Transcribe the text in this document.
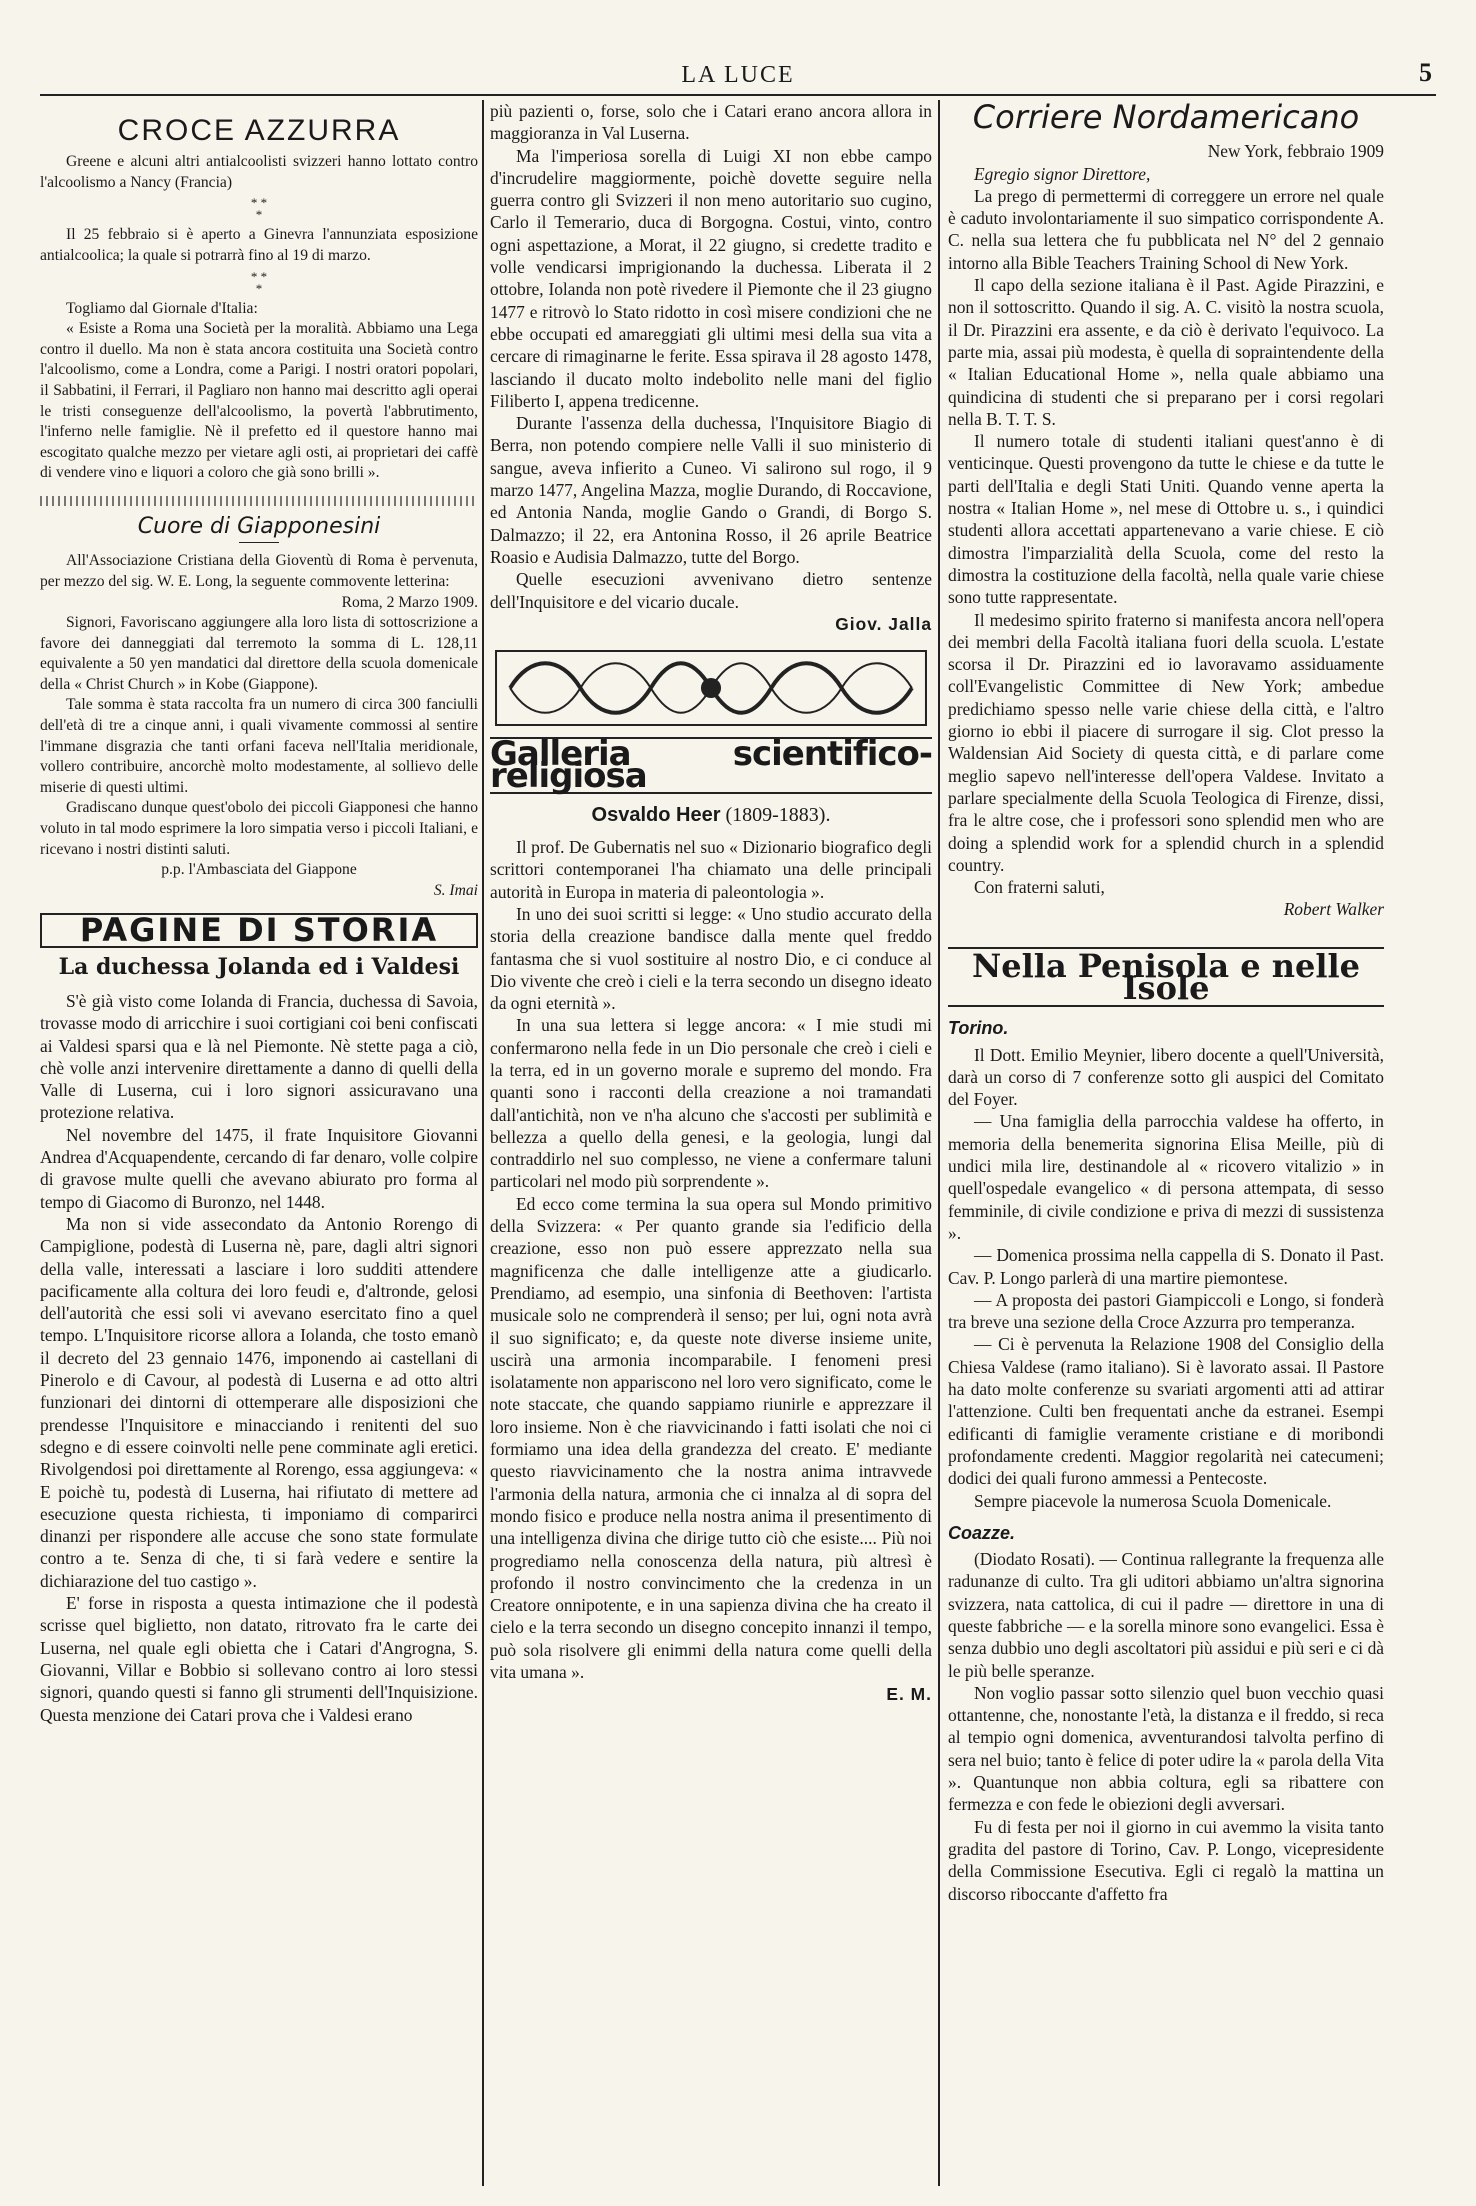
LA LUCE	5
CROCE AZZURRA

Greene e alcuni altri antialcoolisti svizzeri hanno lottato contro l'alcoolismo a Nancy (Francia)

* *
*

Il 25 febbraio si è aperto a Ginevra l'annunziata esposizione antialcoolica; la quale si potrarrà fino al 19 di marzo.

* *
*

Togliamo dal Giornale d'Italia:

« Esiste a Roma una Società per la moralità. Abbiamo una Lega contro il duello. Ma non è stata ancora costituita una Società contro l'alcoolismo, come a Londra, come a Parigi. I nostri oratori popolari, il Sabbatini, il Ferrari, il Pagliaro non hanno mai descritto agli operai le tristi conseguenze dell'alcoolismo, la povertà l'abbrutimento, l'inferno nelle famiglie. Nè il prefetto ed il questore hanno mai escogitato qualche mezzo per vietare agli osti, ai proprietari dei caffè di vendere vino e liquori a coloro che già sono brilli ».

Cuore di Giapponesini

All'Associazione Cristiana della Gioventù di Roma è pervenuta, per mezzo del sig. W. E. Long, la seguente commovente letterina:

Roma, 2 Marzo 1909.

Signori, Favoriscano aggiungere alla loro lista di sottoscrizione a favore dei danneggiati dal terremoto la somma di L. 128,11 equivalente a 50 yen mandatici dal direttore della scuola domenicale della « Christ Church » in Kobe (Giappone).

Tale somma è stata raccolta fra un numero di circa 300 fanciulli dell'età di tre a cinque anni, i quali vivamente commossi al sentire l'immane disgrazia che tanti orfani faceva nell'Italia meridionale, vollero contribuire, ancorchè molto modestamente, al sollievo delle miserie di questi ultimi.

Gradiscano dunque quest'obolo dei piccoli Giapponesi che hanno voluto in tal modo esprimere la loro simpatia verso i piccoli Italiani, e ricevano i nostri distinti saluti.

p.p. l'Ambasciata del Giappone

S. Imai

PAGINE DI STORIA
La duchessa Jolanda ed i Valdesi

S'è già visto come Iolanda di Francia, duchessa di Savoia, trovasse modo di arricchire i suoi cortigiani coi beni confiscati ai Valdesi sparsi qua e là nel Piemonte. Nè stette paga a ciò, chè volle anzi intervenire direttamente a danno di quelli della Valle di Luserna, cui i loro signori assicuravano una protezione relativa.

Nel novembre del 1475, il frate Inquisitore Giovanni Andrea d'Acquapendente, cercando di far denaro, volle colpire di gravose multe quelli che avevano abiurato pro forma al tempo di Giacomo di Buronzo, nel 1448.

Ma non si vide assecondato da Antonio Rorengo di Campiglione, podestà di Luserna nè, pare, dagli altri signori della valle, interessati a lasciare i loro sudditi attendere pacificamente alla coltura dei loro feudi e, d'altronde, gelosi dell'autorità che essi soli vi avevano esercitato fino a quel tempo. L'Inquisitore ricorse allora a Iolanda, che tosto emanò il decreto del 23 gennaio 1476, imponendo ai castellani di Pinerolo e di Cavour, al podestà di Luserna e ad otto altri funzionari dei dintorni di ottemperare alle disposizioni che prendesse l'Inquisitore e minacciando i renitenti del suo sdegno e di essere coinvolti nelle pene comminate agli eretici. Rivolgendosi poi direttamente al Rorengo, essa aggiungeva: « E poichè tu, podestà di Luserna, hai rifiutato di mettere ad esecuzione questa richiesta, ti imponiamo di comparirci dinanzi per rispondere alle accuse che sono state formulate contro a te. Senza di che, ti si farà vedere e sentire la dichiarazione del tuo castigo ».

E' forse in risposta a questa intimazione che il podestà scrisse quel biglietto, non datato, ritrovato fra le carte dei Luserna, nel quale egli obietta che i Catari d'Angrogna, S. Giovanni, Villar e Bobbio si sollevano contro ai loro stessi signori, quando questi si fanno gli strumenti dell'Inquisizione. Questa menzione dei Catari prova che i Valdesi erano

più pazienti o, forse, solo che i Catari erano ancora allora in maggioranza in Val Luserna.

Ma l'imperiosa sorella di Luigi XI non ebbe campo d'incrudelire maggiormente, poichè dovette seguire nella guerra contro gli Svizzeri il non meno autoritario suo cugino, Carlo il Temerario, duca di Borgogna. Costui, vinto, contro ogni aspettazione, a Morat, il 22 giugno, si credette tradito e volle vendicarsi imprigionando la duchessa. Liberata il 2 ottobre, Iolanda non potè rivedere il Piemonte che il 23 giugno 1477 e ritrovò lo Stato ridotto in così misere condizioni che ne ebbe occupati ed amareggiati gli ultimi mesi della sua vita a cercare di rimaginarne le ferite. Essa spirava il 28 agosto 1478, lasciando il ducato molto indebolito nelle mani del figlio Filiberto I, appena tredicenne.

Durante l'assenza della duchessa, l'Inquisitore Biagio di Berra, non potendo compiere nelle Valli il suo ministerio di sangue, aveva infierito a Cuneo. Vi salirono sul rogo, il 9 marzo 1477, Angelina Mazza, moglie Durando, di Roccavione, ed Antonia Nanda, moglie Gando o Grandi, di Borgo S. Dalmazzo; il 22, era Antonina Rosso, il 26 aprile Beatrice Roasio e Audisia Dalmazzo, tutte del Borgo.

Quelle esecuzioni avvenivano dietro sentenze dell'Inquisitore e del vicario ducale.

Giov. Jalla

Galleria scientifico-religiosa
Osvaldo Heer (1809-1883).

Il prof. De Gubernatis nel suo « Dizionario biografico degli scrittori contemporanei l'ha chiamato una delle principali autorità in Europa in materia di paleontologia ».

In uno dei suoi scritti si legge: « Uno studio accurato della storia della creazione bandisce dalla mente quel freddo fantasma che si vuol sostituire al nostro Dio, e ci conduce al Dio vivente che creò i cieli e la terra secondo un disegno ideato da ogni eternità ».

In una sua lettera si legge ancora: « I mie studi mi confermarono nella fede in un Dio personale che creò i cieli e la terra, ed in un governo morale e supremo del mondo. Fra quanti sono i racconti della creazione a noi tramandati dall'antichità, non ve n'ha alcuno che s'accosti per sublimità e bellezza a quello della genesi, e la geologia, lungi dal contraddirlo nel suo complesso, ne viene a confermare taluni particolari nel modo più sorprendente ».

Ed ecco come termina la sua opera sul Mondo primitivo della Svizzera: « Per quanto grande sia l'edificio della creazione, esso non può essere apprezzato nella sua magnificenza che dalle intelligenze atte a giudicarlo. Prendiamo, ad esempio, una sinfonia di Beethoven: l'artista musicale solo ne comprenderà il senso; per lui, ogni nota avrà il suo significato; e, da queste note diverse insieme unite, uscirà una armonia incomparabile. I fenomeni presi isolatamente non appariscono nel loro vero significato, come le note staccate, che quando sappiamo riunirle e apprezzare il loro insieme. Non è che riavvicinando i fatti isolati che noi ci formiamo una idea della grandezza del creato. E' mediante questo riavvicinamento che la nostra anima intravvede l'armonia della natura, armonia che ci innalza al di sopra del mondo fisico e produce nella nostra anima il presentimento di una intelligenza divina che dirige tutto ciò che esiste.... Più noi progrediamo nella conoscenza della natura, più altresì è profondo il nostro convincimento che la credenza in un Creatore onnipotente, e in una sapienza divina che ha creato il cielo e la terra secondo un disegno concepito innanzi il tempo, può sola risolvere gli enimmi della natura come quelli della vita umana ».

E. M.

Corriere Nordamericano

New York, febbraio 1909

Egregio signor Direttore,

La prego di permettermi di correggere un errore nel quale è caduto involontariamente il suo simpatico corrispondente A. C. nella sua lettera che fu pubblicata nel N° del 2 gennaio intorno alla Bible Teachers Training School di New York.

Il capo della sezione italiana è il Past. Agide Pirazzini, e non il sottoscritto. Quando il sig. A. C. visitò la nostra scuola, il Dr. Pirazzini era assente, e da ciò è derivato l'equivoco. La parte mia, assai più modesta, è quella di sopraintendente della « Italian Educational Home », nella quale abbiamo una quindicina di studenti che si preparano per i corsi regolari nella B. T. T. S.

Il numero totale di studenti italiani quest'anno è di venticinque. Questi provengono da tutte le chiese e da tutte le parti dell'Italia e degli Stati Uniti. Quando venne aperta la nostra « Italian Home », nel mese di Ottobre u. s., i quindici studenti allora accettati appartenevano a varie chiese. E ciò dimostra l'imparzialità della Scuola, come del resto la dimostra la costituzione della facoltà, nella quale varie chiese sono tutte rappresentate.

Il medesimo spirito fraterno si manifesta ancora nell'opera dei membri della Facoltà italiana fuori della scuola. L'estate scorsa il Dr. Pirazzini ed io lavoravamo assiduamente coll'Evangelistic Committee di New York; ambedue predichiamo spesso nelle varie chiese della città, e l'altro giorno io ebbi il piacere di surrogare il sig. Clot presso la Waldensian Aid Society di questa città, e di parlare come meglio sapevo nell'interesse dell'opera Valdese. Invitato a parlare specialmente della Scuola Teologica di Firenze, dissi, fra le altre cose, che i professori sono splendid men who are doing a splendid work for a splendid church in a splendid country.

Con fraterni saluti,

Robert Walker

Nella Penisola e nelle Isole

Torino.

Il Dott. Emilio Meynier, libero docente a quell'Università, darà un corso di 7 conferenze sotto gli auspici del Comitato del Foyer.

— Una famiglia della parrocchia valdese ha offerto, in memoria della benemerita signorina Elisa Meille, più di undici mila lire, destinandole al « ricovero vitalizio » in quell'ospedale evangelico « di persona attempata, di sesso femminile, di civile condizione e priva di mezzi di sussistenza ».

— Domenica prossima nella cappella di S. Donato il Past. Cav. P. Longo parlerà di una martire piemontese.

— A proposta dei pastori Giampiccoli e Longo, si fonderà tra breve una sezione della Croce Azzurra pro temperanza.

— Ci è pervenuta la Relazione 1908 del Consiglio della Chiesa Valdese (ramo italiano). Si è lavorato assai. Il Pastore ha dato molte conferenze su svariati argomenti atti ad attirar l'attenzione. Culti ben frequentati anche da estranei. Esempi edificanti di famiglie veramente cristiane e di moribondi profondamente credenti. Maggior regolarità nei catecumeni; dodici dei quali furono ammessi a Pentecoste.

Sempre piacevole la numerosa Scuola Domenicale.

Coazze.

(Diodato Rosati). — Continua rallegrante la frequenza alle radunanze di culto. Tra gli uditori abbiamo un'altra signorina svizzera, nata cattolica, di cui il padre — direttore in una di queste fabbriche — e la sorella minore sono evangelici. Essa è senza dubbio uno degli ascoltatori più assidui e più seri e ci dà le più belle speranze.

Non voglio passar sotto silenzio quel buon vecchio quasi ottantenne, che, nonostante l'età, la distanza e il freddo, si reca al tempio ogni domenica, avventurandosi talvolta perfino di sera nel buio; tanto è felice di poter udire la « parola della Vita ». Quantunque non abbia coltura, egli sa ribattere con fermezza e con fede le obiezioni degli avversari.

Fu di festa per noi il giorno in cui avemmo la visita tanto gradita del pastore di Torino, Cav. P. Longo, vicepresidente della Commissione Esecutiva. Egli ci regalò la mattina un discorso riboccante d'affetto fra
